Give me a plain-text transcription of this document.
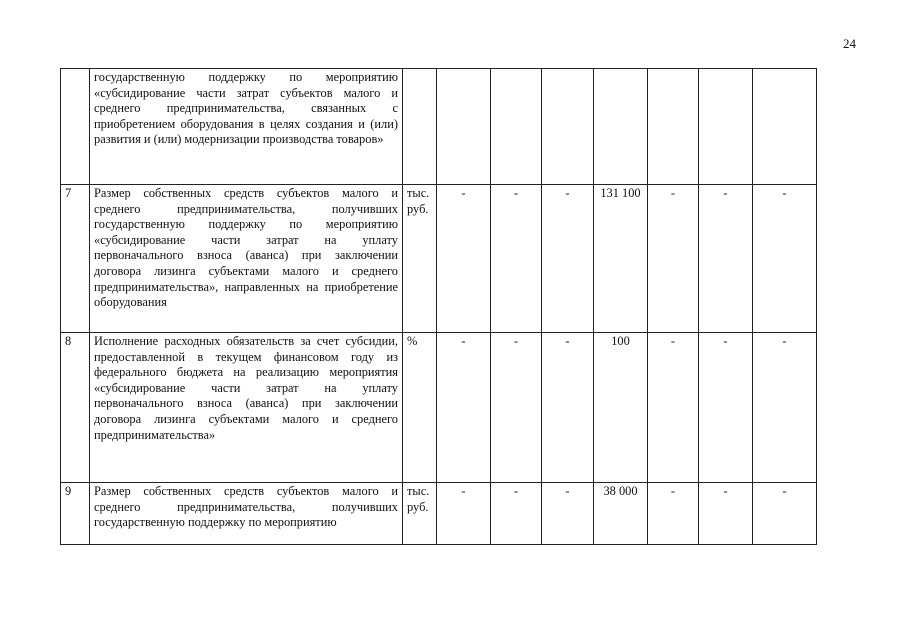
24
	государственную поддержку по мероприятию «субсидирование части затрат субъектов малого и среднего предпринимательства, связанных с приобретением оборудования в целях создания и (или) развития и (или) модернизации производства товаров»								
7	Размер собственных средств субъектов малого и среднего предпринимательства, получивших государственную поддержку по мероприятию «субсидирование части затрат на уплату первоначального взноса (аванса) при заключении договора лизинга субъектами малого и среднего предпринимательства», направленных на приобретение оборудования	тыс. руб.	-	-	-	131 100	-	-	-
8	Исполнение расходных обязательств за счет субсидии, предоставленной в текущем финансовом году из федерального бюджета на реализацию мероприятия «субсидирование части затрат на уплату первоначального взноса (аванса) при заключении договора лизинга субъектами малого и среднего предпринимательства»	%	-	-	-	100	-	-	-
9	Размер собственных средств субъектов малого и среднего предпринимательства, получивших государственную поддержку по мероприятию	тыс. руб.	-	-	-	38 000	-	-	-
